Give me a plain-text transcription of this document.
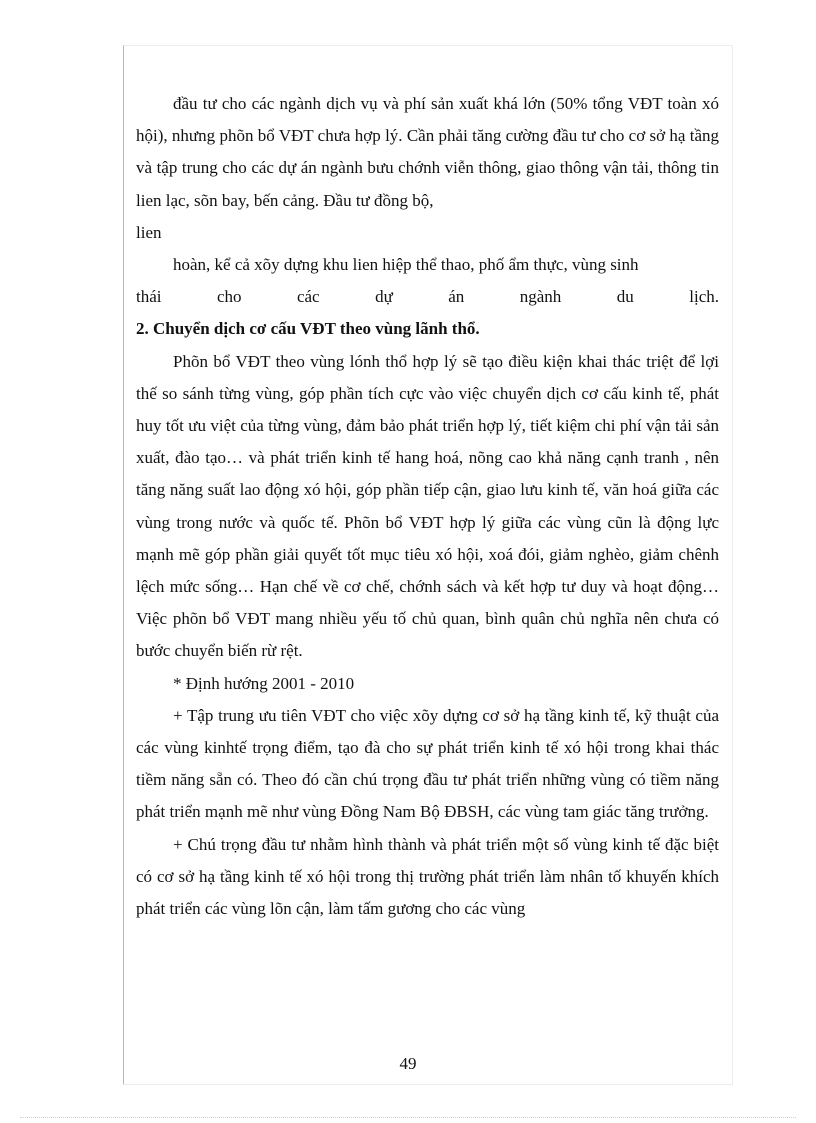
đầu tư cho các ngành dịch vụ và phí sản xuất khá lớn (50% tổng VĐT toàn xó hội), nhưng phõn bổ VĐT chưa hợp lý. Cần phải tăng cường đầu tư cho cơ sở hạ tầng và tập trung cho các dự án ngành bưu chớnh viễn thông, giao thông vận tải, thông tin lien lạc, sõn bay, bến cảng. Đầu tư đồng bộ,

lien

hoàn, kể cả xõy dựng khu lien hiệp thể thao, phố ẩm thực, vùng sinh

thái cho các dự án ngành du lịch.

2. Chuyển dịch cơ cấu VĐT theo vùng lãnh thổ.

Phõn bổ VĐT theo vùng lónh thổ hợp lý sẽ tạo điều kiện khai thác triệt để lợi thế so sánh từng vùng, góp phần tích cực vào việc chuyển dịch cơ cấu kinh tế, phát huy tốt ưu việt của từng vùng, đảm bảo phát triển hợp lý, tiết kiệm chi phí vận tải sản xuất, đào tạo… và phát triển kinh tế hang hoá, nõng cao khả năng cạnh tranh , nên tăng năng suất lao động xó hội, góp phần tiếp cận, giao lưu kinh tế, văn hoá giữa các vùng trong nước và quốc tế. Phõn bổ VĐT hợp lý giữa các vùng cũn là động lực mạnh mẽ góp phần giải quyết tốt mục tiêu xó hội, xoá đói, giảm nghèo, giảm chênh lệch mức sống… Hạn chế về cơ chế, chớnh sách và kết hợp tư duy và hoạt động… Việc phõn bổ VĐT mang nhiều yếu tố chủ quan, bình quân chủ nghĩa nên chưa có bước chuyển biến rừ rệt.

* Định hướng 2001 - 2010

+ Tập trung ưu tiên VĐT cho việc xõy dựng cơ sở hạ tầng kinh tế, kỹ thuật của các vùng kinhtế trọng điểm, tạo đà cho sự phát triển kinh tế xó hội trong khai thác tiềm năng sẵn có. Theo đó cần chú trọng đầu tư phát triển những vùng có tiềm năng phát triển mạnh mẽ như vùng Đồng Nam Bộ ĐBSH, các vùng tam giác tăng trưởng.

+ Chú trọng đầu tư nhằm hình thành và phát triển một số vùng kinh tế đặc biệt có cơ sở hạ tầng kinh tế xó hội trong thị trường phát triển làm nhân tố khuyến khích phát triển các vùng lõn cận, làm tấm gương cho các vùng

49
